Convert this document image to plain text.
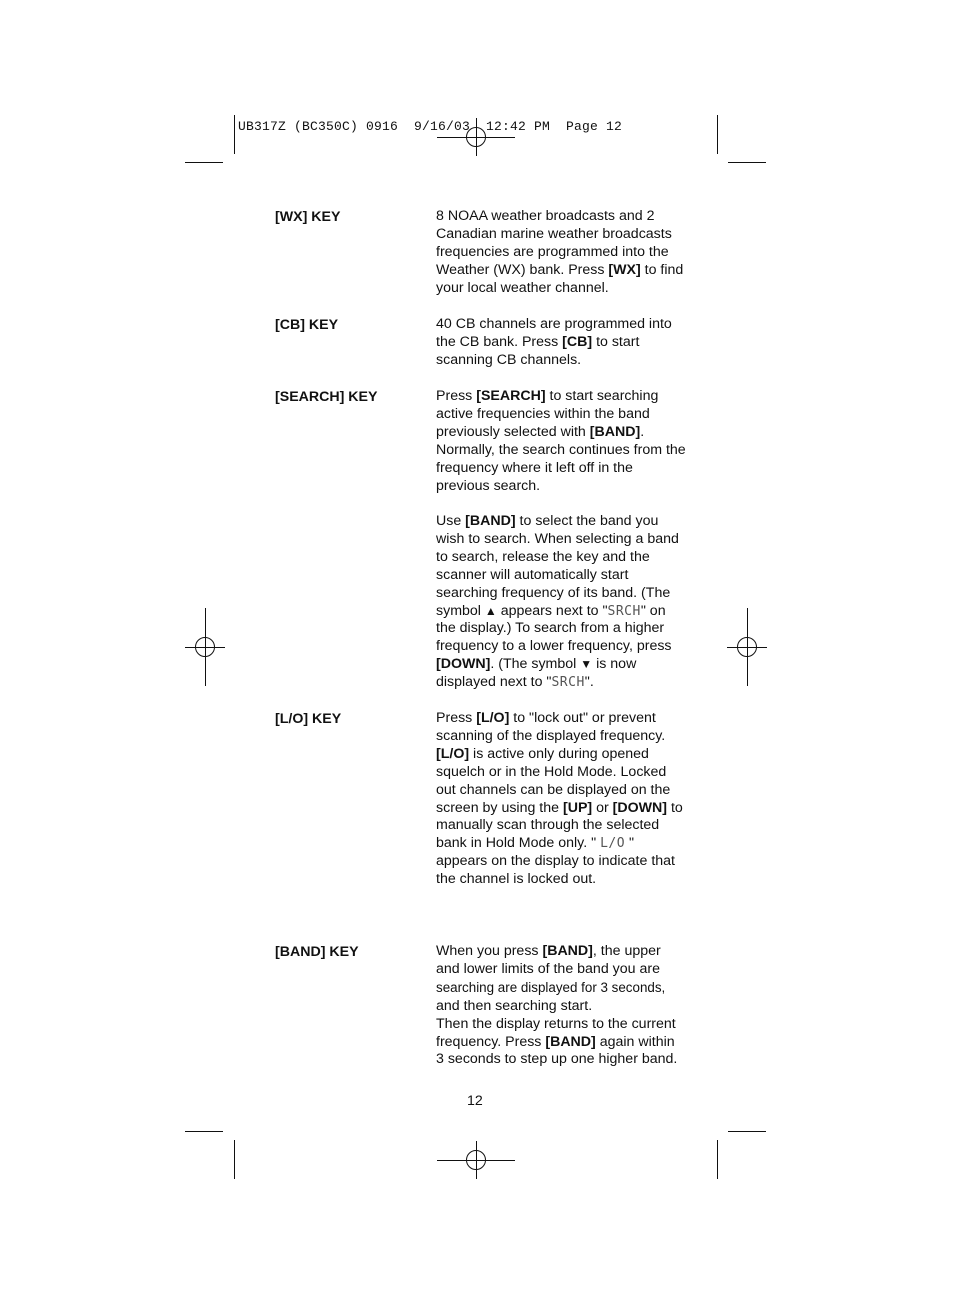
UB317Z (BC350C) 0916  9/16/03  12:42 PM  Page 12
[WX] KEY	8 NOAA weather broadcasts and 2 Canadian marine weather broadcasts frequencies are programmed into the Weather (WX) bank. Press [WX] to find your local weather channel.

[CB] KEY	40 CB channels are programmed into the CB bank. Press [CB] to start scanning CB channels.

[SEARCH] KEY	Press [SEARCH] to start searching active frequencies within the band previously selected with [BAND]. Normally, the search continues from the frequency where it left off in the previous search.

Use [BAND] to select the band you wish to search. When selecting a band to search, release the key and the scanner will automatically start searching frequency of its band. (The symbol ▲ appears next to "SRCH" on the display.) To search from a higher frequency to a lower frequency, press [DOWN]. (The symbol ▼ is now displayed next to "SRCH".

[L/O] KEY	Press [L/O] to "lock out" or prevent scanning of the displayed frequency. [L/O] is active only during opened squelch or in the Hold Mode. Locked out channels can be displayed on the screen by using the [UP] or [DOWN] to manually scan through the selected bank in Hold Mode only. " L/O " appears on the display to indicate that the channel is locked out.

[BAND] KEY	When you press [BAND], the upper and lower limits of the band you are searching are displayed for 3 seconds, and then searching start.

Then the display returns to the current frequency. Press [BAND] again within 3 seconds to step up one higher band.

12
